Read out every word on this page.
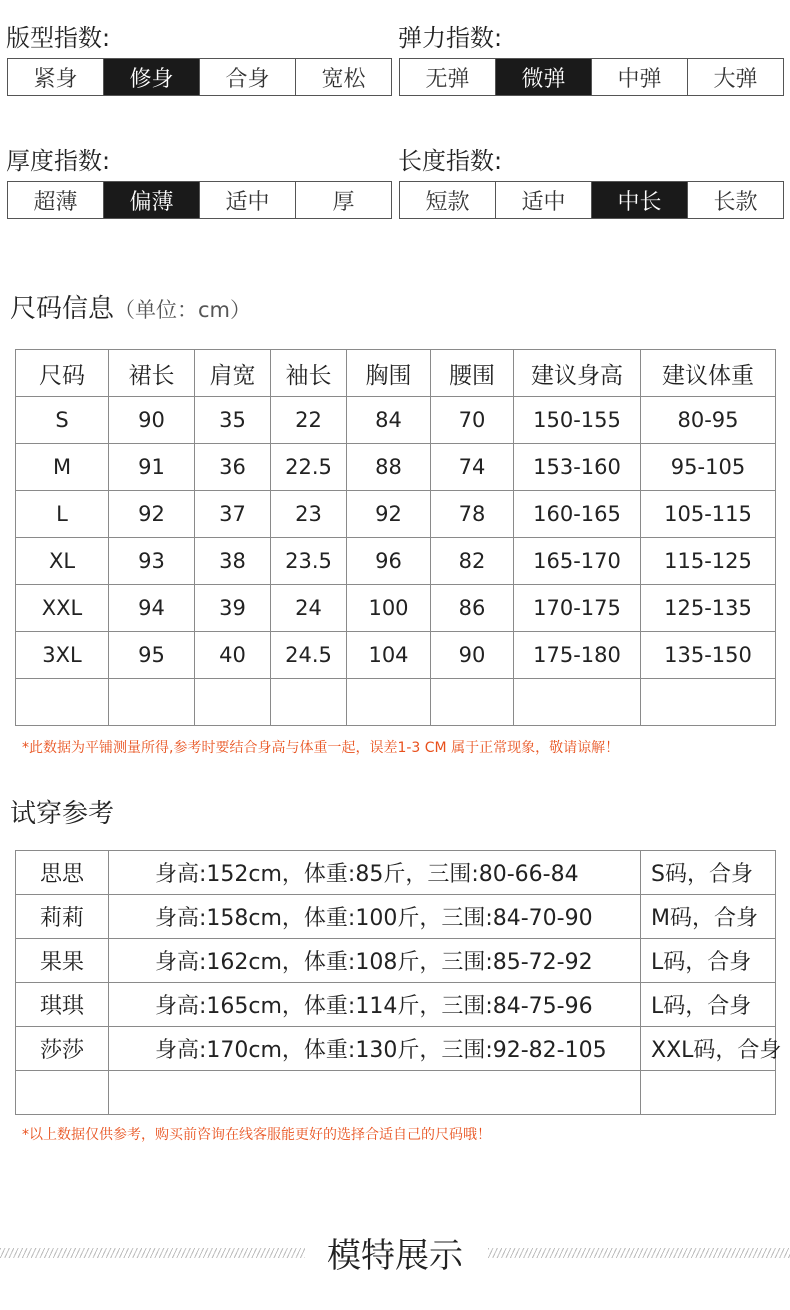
版型指数:
紧身	修身	合身	宽松
弹力指数:
无弹	微弹	中弹	大弹
厚度指数:
超薄	偏薄	适中	厚
长度指数:
短款	适中	中长	长款
尺码信息（单位：cm）
尺码	裙长	肩宽	袖长	胸围	腰围	建议身高	建议体重
S	90	35	22	84	70	150-155	80-95
M	91	36	22.5	88	74	153-160	95-105
L	92	37	23	92	78	160-165	105-115
XL	93	38	23.5	96	82	165-170	115-125
XXL	94	39	24	100	86	170-175	125-135
3XL	95	40	24.5	104	90	175-180	135-150

*此数据为平铺测量所得,参考时要结合身高与体重一起，误差1-3 CM 属于正常现象，敬请谅解！
试穿参考
思思	身高:152cm，体重:85斤，三围:80-66-84	S码，合身
莉莉	身高:158cm，体重:100斤，三围:84-70-90	M码，合身
果果	身高:162cm，体重:108斤，三围:85-72-92	L码，合身
琪琪	身高:165cm，体重:114斤，三围:84-75-96	L码，合身
莎莎	身高:170cm，体重:130斤，三围:92-82-105	XXL码，合身

*以上数据仅供参考，购买前咨询在线客服能更好的选择合适自己的尺码哦！
模特展示
